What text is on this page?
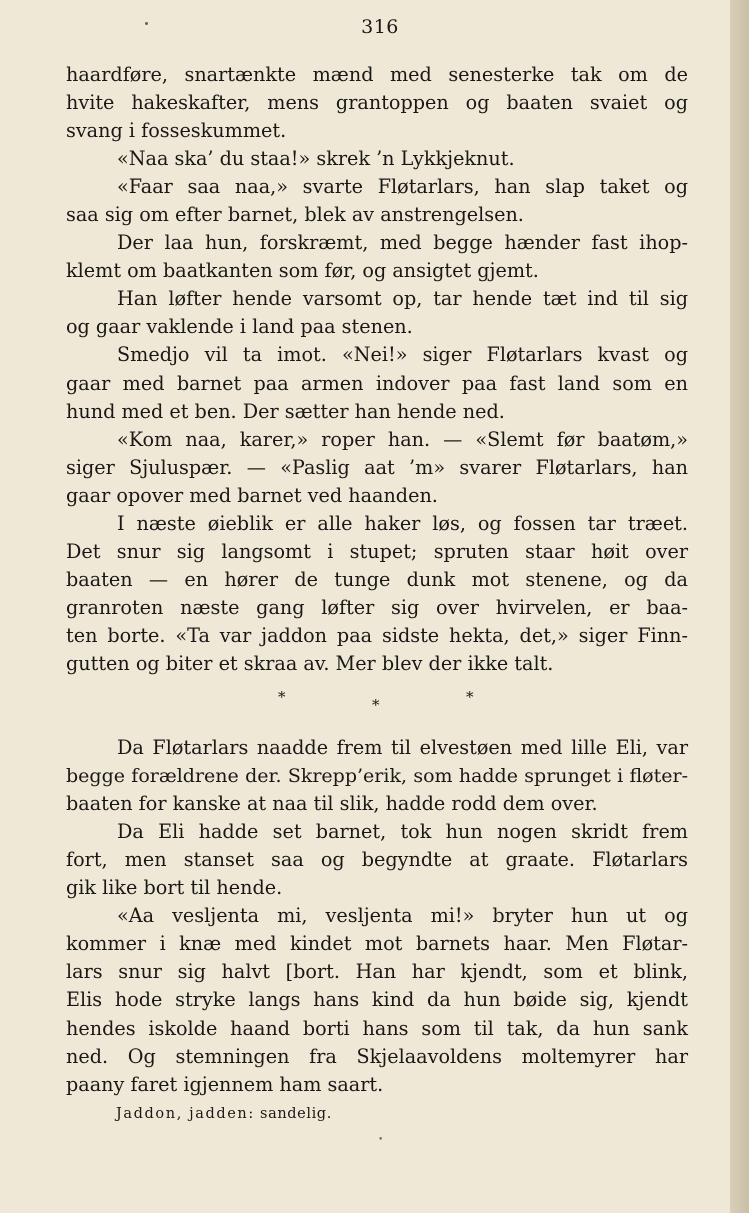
316
haardføre, snartænkte mænd med senesterke tak om de
hvite hakeskafter, mens grantoppen og baaten svaiet og
svang i fosseskummet.
«Naa ska’ du staa!» skrek ’n Lykkjeknut.
«Faar saa naa,» svarte Fløtarlars, han slap taket og
saa sig om efter barnet, blek av anstrengelsen.
Der laa hun, forskræmt, med begge hænder fast ihop-
klemt om baatkanten som før, og ansigtet gjemt.
Han løfter hende varsomt op, tar hende tæt ind til sig
og gaar vaklende i land paa stenen.
Smedjo vil ta imot. «Nei!» siger Fløtarlars kvast og
gaar med barnet paa armen indover paa fast land som en
hund med et ben. Der sætter han hende ned.
«Kom naa, karer,» roper han. — «Slemt før baatøm,»
siger Sjuluspær. — «Paslig aat ’m» svarer Fløtarlars, han
gaar opover med barnet ved haanden.
I næste øieblik er alle haker løs, og fossen tar træet.
Det snur sig langsomt i stupet; spruten staar høit over
baaten — en hører de tunge dunk mot stenene, og da
granroten næste gang løfter sig over hvirvelen, er baa-
ten borte. «Ta var jaddon paa sidste hekta, det,» siger Finn-
gutten og biter et skraa av. Mer blev der ikke talt.
*	*	*
Da Fløtarlars naadde frem til elvestøen med lille Eli, var
begge forældrene der. Skrepp’erik, som hadde sprunget i fløter-
baaten for kanske at naa til slik, hadde rodd dem over.
Da Eli hadde set barnet, tok hun nogen skridt frem
fort, men stanset saa og begyndte at graate. Fløtarlars
gik like bort til hende.
«Aa vesljenta mi, vesljenta mi!» bryter hun ut og
kommer i knæ med kindet mot barnets haar. Men Fløtar-
lars snur sig halvt [bort. Han har kjendt, som et blink,
Elis hode stryke langs hans kind da hun bøide sig, kjendt
hendes iskolde haand borti hans som til tak, da hun sank
ned. Og stemningen fra Skjelaavoldens moltemyrer har
paany faret igjennem ham saart.
Jaddon, jadden: sandelig.
•
